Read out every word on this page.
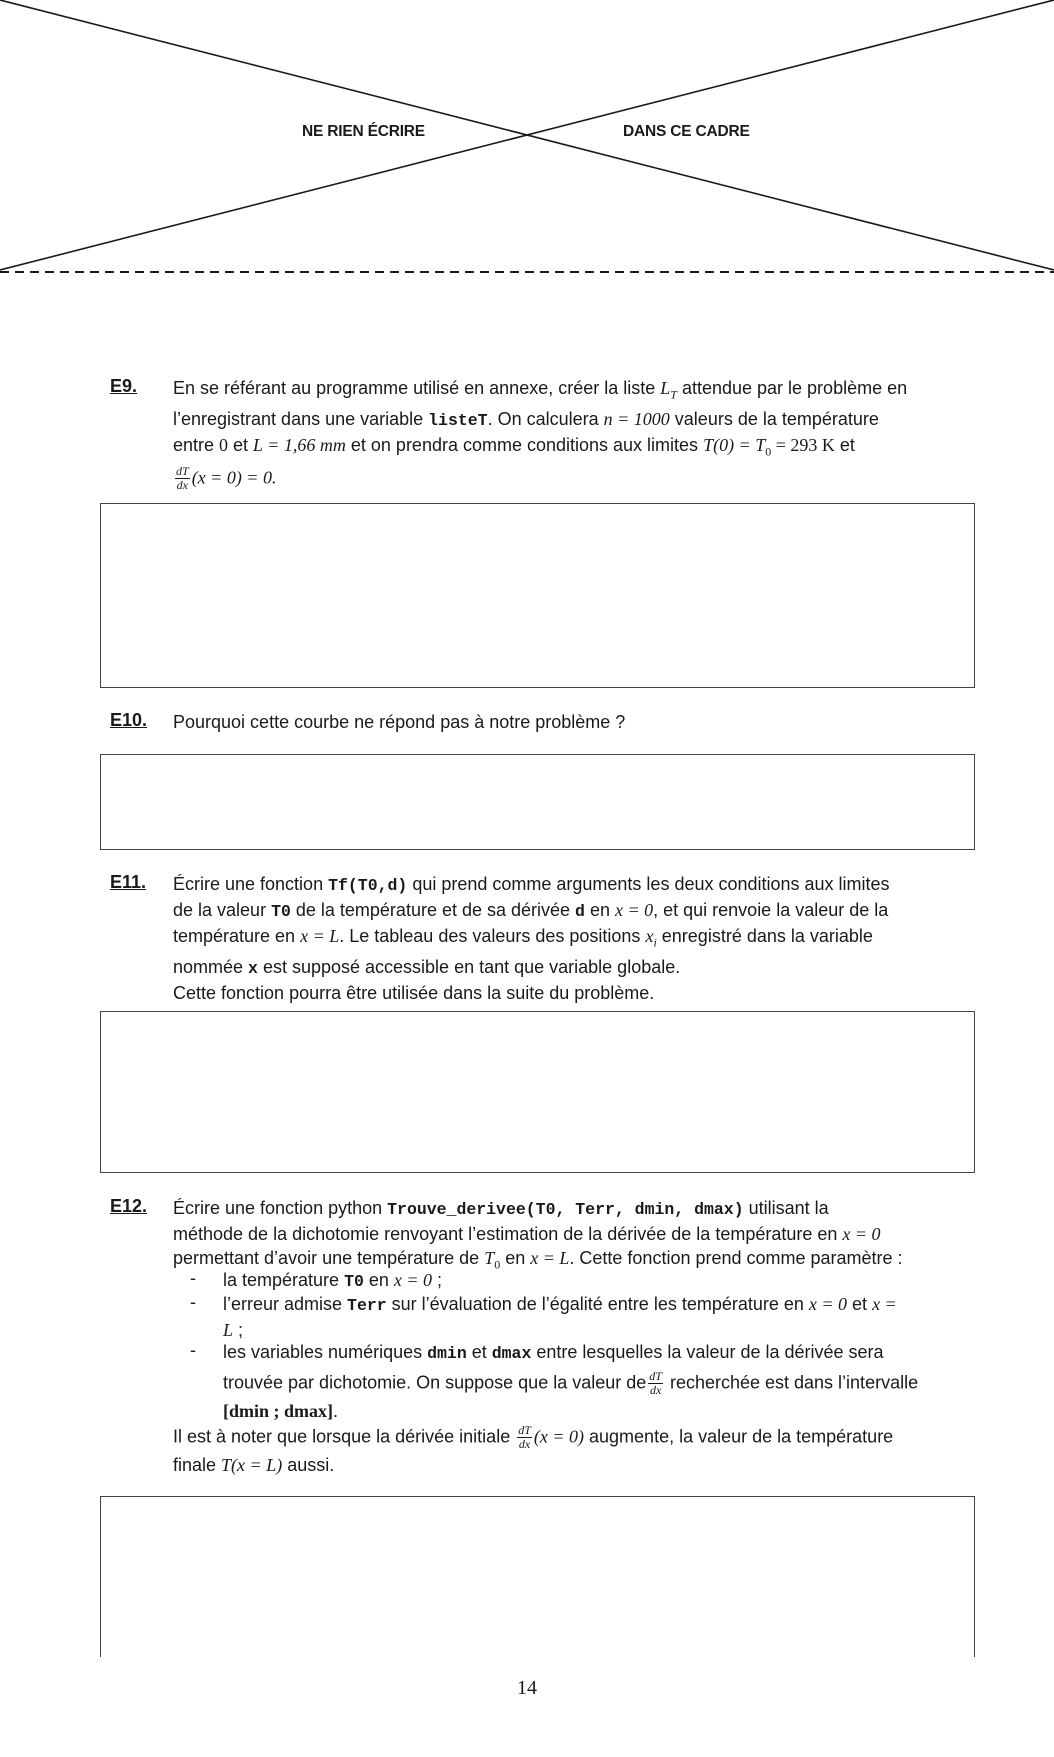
NE RIEN ÉCRIRE	DANS CE CADRE
E9. En se référant au programme utilisé en annexe, créer la liste $L_T$ attendue par le problème en
l’enregistrant dans une variable listeT. On calculera n = 1000 valeurs de la température
entre 0 et L = 1,66 mm et on prendra comme conditions aux limites $T(0) = T_0 = 293$ K et
$\frac{dT}{dx} (x = 0) = 0$.
E10. Pourquoi cette courbe ne répond pas à notre problème ?
E11. Écrire une fonction Tf(T0,d) qui prend comme arguments les deux conditions aux limites
de la valeur T0 de la température et de sa dérivée d en x = 0, et qui renvoie la valeur de la
température en x = L. Le tableau des valeurs des positions $x_i$ enregistré dans la variable
nommée x est supposé accessible en tant que variable globale.
Cette fonction pourra être utilisée dans la suite du problème.
E12. Écrire une fonction python Trouve_derivee(T0, Terr, dmin, dmax) utilisant la
méthode de la dichotomie renvoyant l’estimation de la dérivée de la température en x = 0
permettant d’avoir une température de $T_0$ en x = L. Cette fonction prend comme paramètre :
- la température T0 en x = 0 ;
- l’erreur admise Terr sur l’évaluation de l’égalité entre les température en x = 0 et x =
L ;
- les variables numériques dmin et dmax entre lesquelles la valeur de la dérivée sera
trouvée par dichotomie. On suppose que la valeur de $\frac{dT}{dx}$ recherchée est dans l’intervalle
[dmin ; dmax].
Il est à noter que lorsque la dérivée initiale $\frac{dT}{dx} (x = 0)$ augmente, la valeur de la température
finale T(x = L) aussi.
14
